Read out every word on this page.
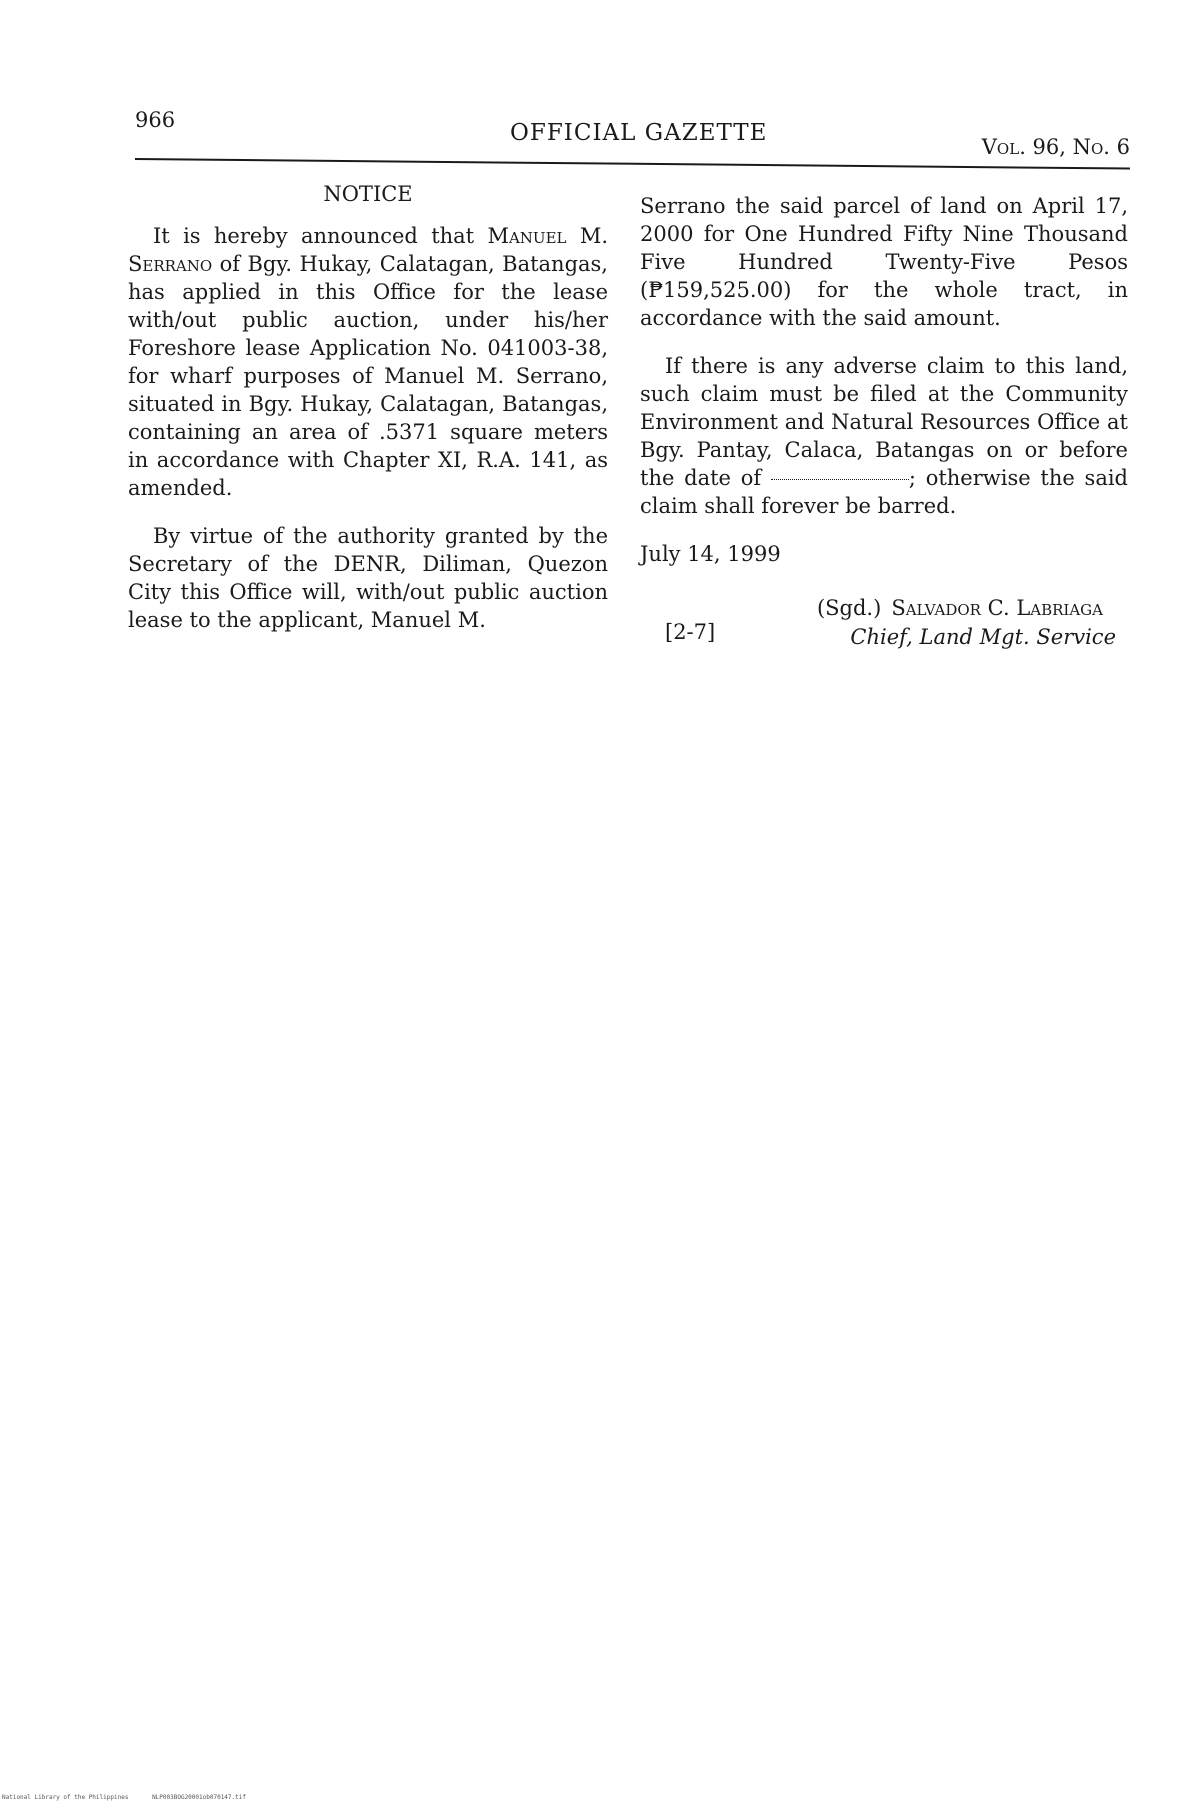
966	OFFICIAL GAZETTE
Vol. 96, No. 6
NOTICE

It is hereby announced that Manuel M. Serrano of Bgy. Hukay, Calatagan, Batangas, has applied in this Office for the lease with/out public auction, under his/her Foreshore lease Application No. 041003-38, for wharf purposes of Manuel M. Serrano, situated in Bgy. Hukay, Calatagan, Batangas, containing an area of .5371 square meters in accordance with Chapter XI, R.A. 141, as amended.

By virtue of the authority granted by the Secretary of the DENR, Diliman, Quezon City this Office will, with/out public auction lease to the applicant, Manuel M.

Serrano the said parcel of land on April 17, 2000 for One Hundred Fifty Nine Thousand Five Hundred Twenty-Five Pesos (₱159,525.00) for the whole tract, in accordance with the said amount.

If there is any adverse claim to this land, such claim must be filed at the Community Environment and Natural Resources Office at Bgy. Pantay, Calaca, Batangas on or before the date of	; otherwise the said claim shall forever be barred.

July 14, 1999
[2-7]
(Sgd.) Salvador C. Labriaga
Chief, Land Mgt. Service
National Library of the Philippines	NLP003BOG20001ob070147.tif
